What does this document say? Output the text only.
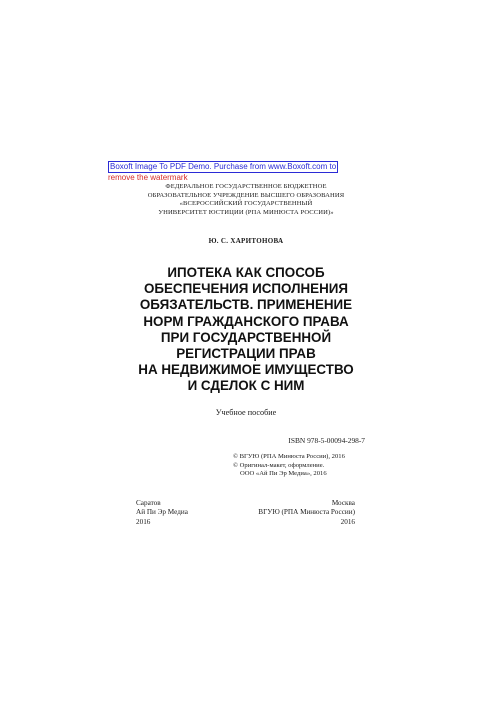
Boxoft Image To PDF Demo. Purchase from www.Boxoft.com to
remove the watermark
ФЕДЕРАЛЬНОЕ ГОСУДАРСТВЕННОЕ БЮДЖЕТНОЕ
ОБРАЗОВАТЕЛЬНОЕ УЧРЕЖДЕНИЕ ВЫСШЕГО ОБРАЗОВАНИЯ
«ВСЕРОССИЙСКИЙ ГОСУДАРСТВЕННЫЙ
УНИВЕРСИТЕТ ЮСТИЦИИ (РПА МИНЮСТА РОССИИ)»
Ю. С. ХАРИТОНОВА
ИПОТЕКА КАК СПОСОБ
ОБЕСПЕЧЕНИЯ ИСПОЛНЕНИЯ
ОБЯЗАТЕЛЬСТВ. ПРИМЕНЕНИЕ
НОРМ ГРАЖДАНСКОГО ПРАВА
ПРИ ГОСУДАРСТВЕННОЙ
РЕГИСТРАЦИИ ПРАВ
НА НЕДВИЖИМОЕ ИМУЩЕСТВО
И СДЕЛОК С НИМ
Учебное пособие
ISBN 978-5-00094-298-7
© ВГУЮ (РПА Минюста России), 2016
© Оригинал-макет, оформление.
ООО «Ай Пи Эр Медиа», 2016
Саратов
Ай Пи Эр Медиа
2016
Москва
ВГУЮ (РПА Минюста России)
2016
